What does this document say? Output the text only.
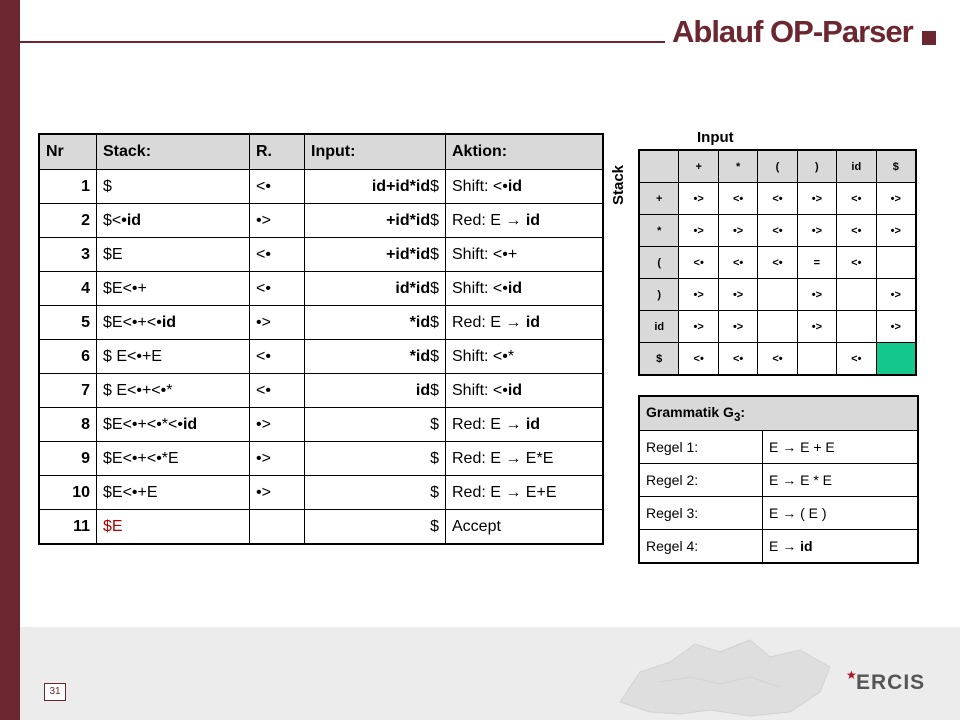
Ablauf OP-Parser
Nr	Stack:	R.	Input:	Aktion:
1	$	<•	id+id*id$	Shift: <•id
2	$<•id	•>	+id*id$	Red: E → id
3	$E	<•	+id*id$	Shift: <•+
4	$E<•+	<•	id*id$	Shift: <•id
5	$E<•+<•id	•>	*id$	Red: E → id
6	$ E<•+E	<•	*id$	Shift: <•*
7	$ E<•+<•*	<•	id$	Shift: <•id
8	$E<•+<•*<•id	•>	$	Red: E → id
9	$E<•+<•*E	•>	$	Red: E → E*E
10	$E<•+E	•>	$	Red: E → E+E
11	$E		$	Accept
Input
Stack
		+	*	(	)	id	$
+	•>	<•	<•	•>	<•	•>
*	•>	•>	<•	•>	<•	•>
(	<•	<•	<•	=	<•	
)	•>	•>		•>		•>
id	•>	•>		•>		•>
$	<•	<•	<•		<•	
Grammatik $G_3$:	
Regel 1:	E → E + E
Regel 2:	E → E * E
Regel 3:	E → ( E )
Regel 4:	E → id
31
★ ERCIS
